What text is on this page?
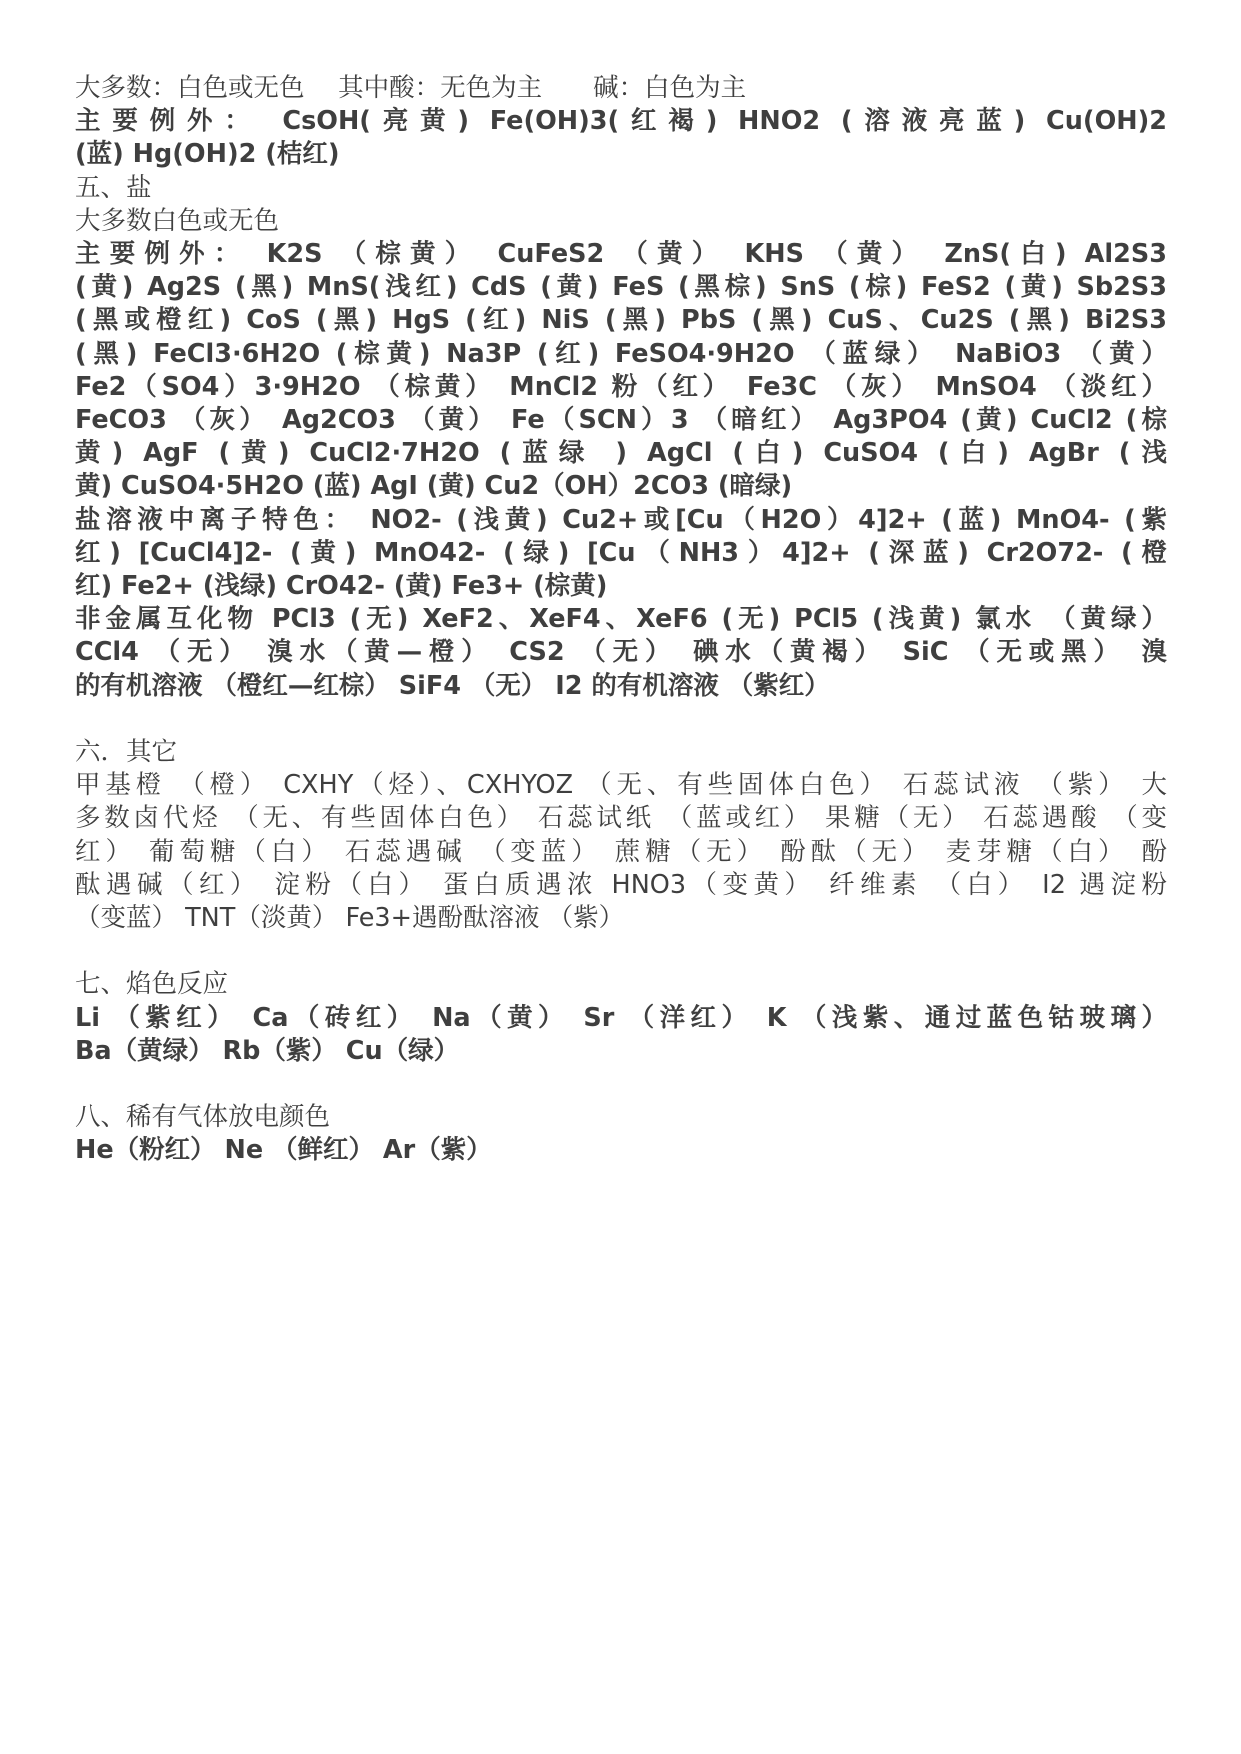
大多数：白色或无色　 其中酸：无色为主　　碱：白色为主
主要例外： CsOH(亮黄) Fe(OH)3(红褐) HNO2 (溶液亮蓝) Cu(OH)2
(蓝) Hg(OH)2 (桔红)
五、盐
大多数白色或无色
主要例外： K2S （棕黄） CuFeS2 （黄） KHS （黄） ZnS(白) Al2S3
(黄) Ag2S (黑) MnS(浅红) CdS (黄) FeS (黑棕) SnS (棕) FeS2 (黄) Sb2S3
(黑或橙红) CoS (黑) HgS (红) NiS (黑) PbS (黑) CuS、Cu2S (黑) Bi2S3
(黑) FeCl3·6H2O (棕黄) Na3P (红) FeSO4·9H2O （蓝绿） NaBiO3 （黄）
Fe2（SO4）3·9H2O （棕黄） MnCl2 粉（红） Fe3C （灰） MnSO4 （淡红）
FeCO3 （灰） Ag2CO3 （黄） Fe（SCN）3 （暗红） Ag3PO4 (黄) CuCl2 (棕
黄) AgF (黄) CuCl2·7H2O (蓝绿 ) AgCl (白) CuSO4 (白) AgBr (浅
黄) CuSO4·5H2O (蓝) AgI (黄) Cu2（OH）2CO3 (暗绿)
盐溶液中离子特色： NO2- (浅黄) Cu2+或[Cu（H2O）4]2+ (蓝) MnO4- (紫
红) [CuCl4]2- (黄) MnO42- (绿) [Cu（NH3）4]2+ (深蓝) Cr2O72- (橙
红) Fe2+ (浅绿) CrO42- (黄) Fe3+ (棕黄)
非金属互化物 PCl3 (无) XeF2、XeF4、XeF6 (无) PCl5 (浅黄) 氯水 （黄绿）
CCl4 （无） 溴水（黄—橙） CS2 （无） 碘水（黄褐） SiC （无或黑） 溴
的有机溶液 （橙红—红棕） SiF4 （无） I2 的有机溶液 （紫红）
六．其它
甲基橙 （橙） CXHY（烃）、CXHYOZ （无、有些固体白色） 石蕊试液 （紫） 大
多数卤代烃 （无、有些固体白色） 石蕊试纸 （蓝或红） 果糖（无） 石蕊遇酸 （变
红） 葡萄糖（白） 石蕊遇碱 （变蓝） 蔗糖（无） 酚酞（无） 麦芽糖（白） 酚
酞遇碱（红） 淀粉（白） 蛋白质遇浓 HNO3（变黄） 纤维素 （白） I2 遇淀粉
（变蓝） TNT（淡黄） Fe3+遇酚酞溶液 （紫）
七、焰色反应
Li （紫红） Ca（砖红） Na（黄） Sr （洋红） K （浅紫、通过蓝色钴玻璃）
Ba（黄绿） Rb（紫） Cu（绿）
八、稀有气体放电颜色
He（粉红） Ne （鲜红） Ar（紫）
